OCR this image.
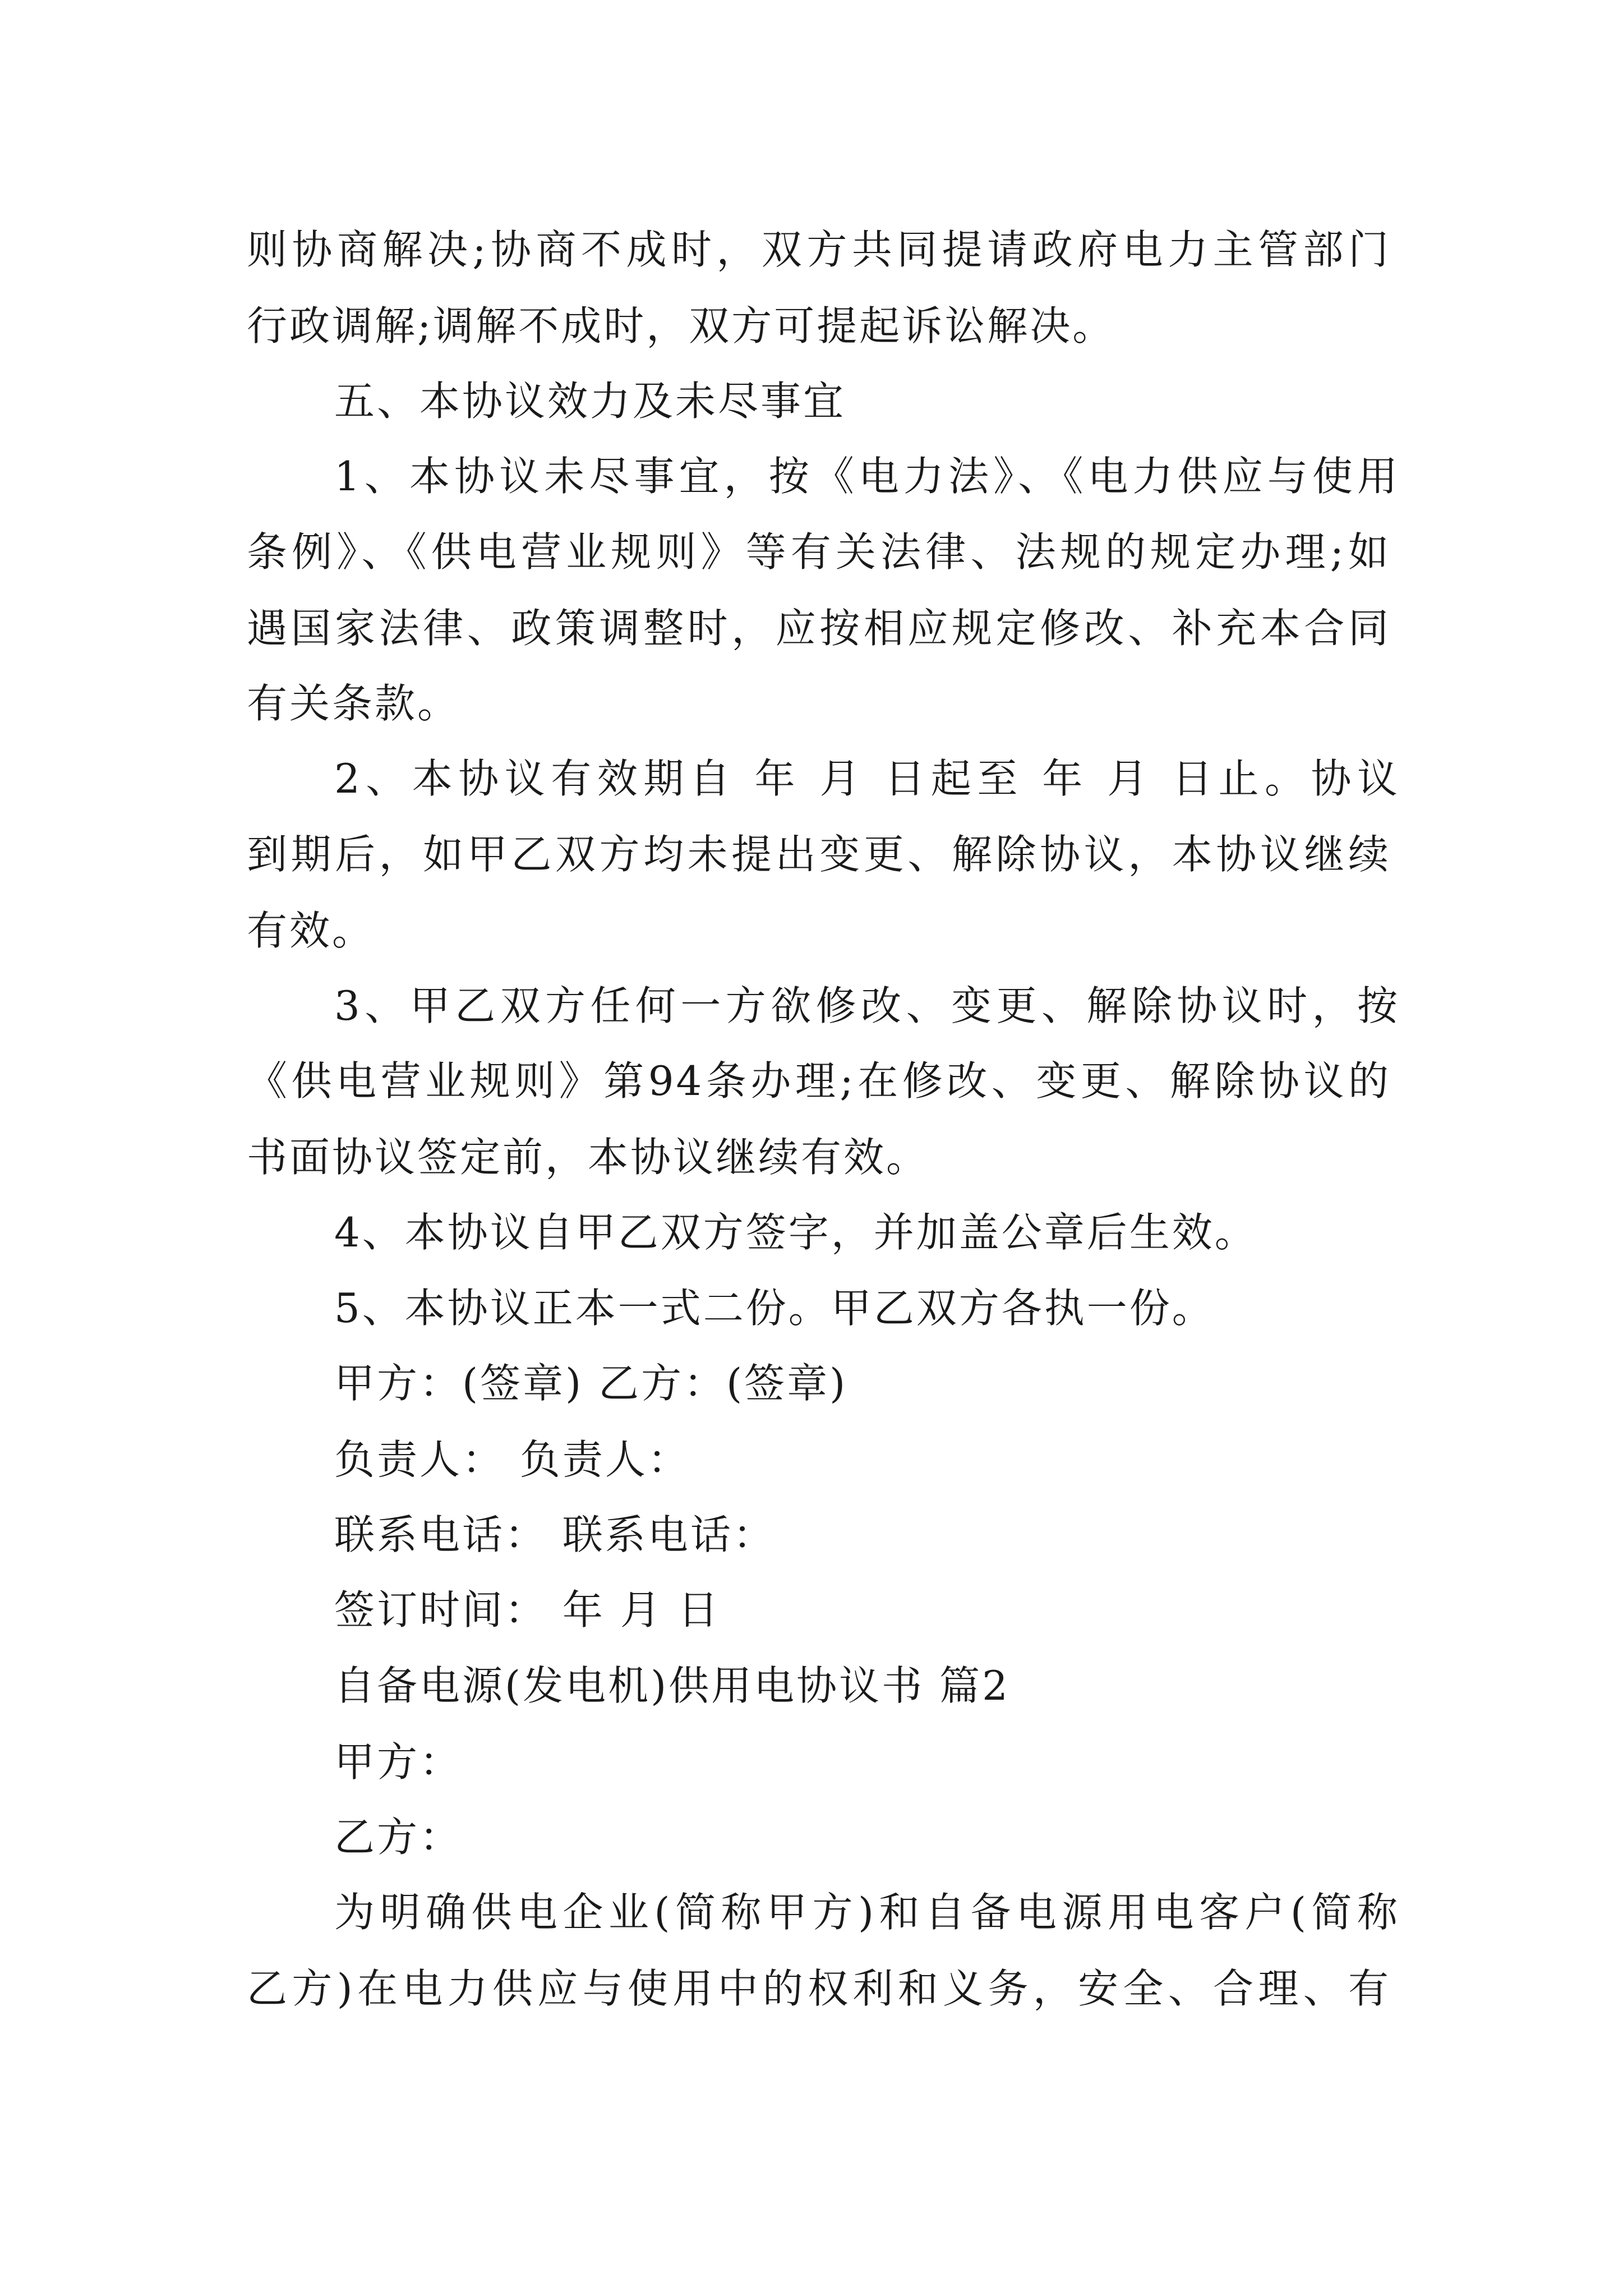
则协商解决;协商不成时，双方共同提请政府电力主管部门
行政调解;调解不成时，双方可提起诉讼解决。
五、本协议效力及未尽事宜
1、本协议未尽事宜，按《电力法》、《电力供应与使用
条例》、《供电营业规则》等有关法律、法规的规定办理;如
遇国家法律、政策调整时，应按相应规定修改、补充本合同
有关条款。
2、本协议有效期自 年 月 日起至 年 月 日止。协议
到期后，如甲乙双方均未提出变更、解除协议，本协议继续
有效。
3、甲乙双方任何一方欲修改、变更、解除协议时，按
《供电营业规则》第94条办理;在修改、变更、解除协议的
书面协议签定前，本协议继续有效。
4、本协议自甲乙双方签字，并加盖公章后生效。
5、本协议正本一式二份。甲乙双方各执一份。
甲方：(签章) 乙方：(签章)
负责人： 负责人：
联系电话： 联系电话：
签订时间： 年 月 日
自备电源(发电机)供用电协议书 篇2
甲方：
乙方：
为明确供电企业(简称甲方)和自备电源用电客户(简称
乙方)在电力供应与使用中的权利和义务，安全、合理、有
